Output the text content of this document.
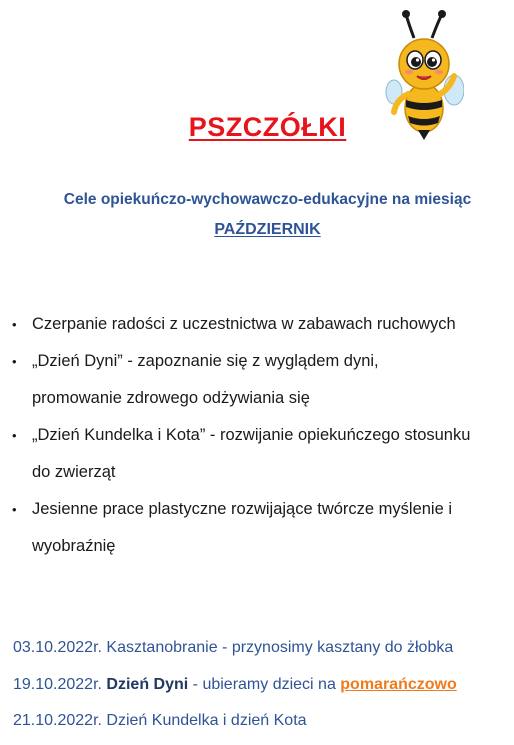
PSZCZÓŁKI
Cele opiekuńczo-wychowawczo-edukacyjne na miesiąc
PAŹDZIERNIK
• Czerpanie radości z uczestnictwa w zabawach ruchowych
• „Dzień Dyni” - zapoznanie się z wyglądem dyni,
promowanie zdrowego odżywiania się
• „Dzień Kundelka i Kota” - rozwijanie opiekuńczego stosunku
do zwierząt
• Jesienne prace plastyczne rozwijające twórcze myślenie i
wyobraźnię
03.10.2022r. Kasztanobranie - przynosimy kasztany do żłobka
19.10.2022r. Dzień Dyni - ubieramy dzieci na pomarańczowo
21.10.2022r. Dzień Kundelka i dzień Kota
